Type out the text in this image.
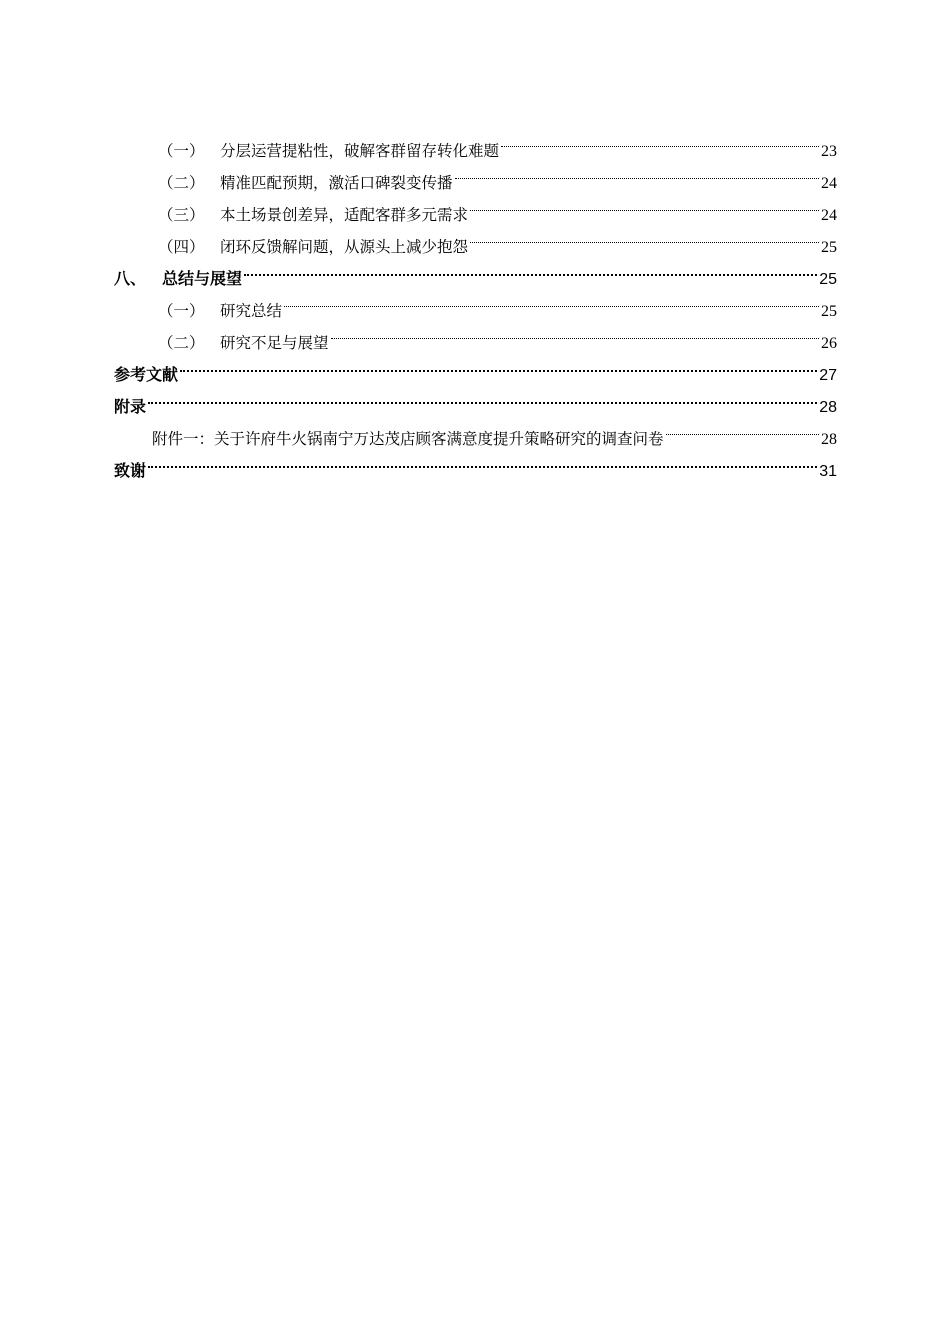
（一） 分层运营提粘性，破解客群留存转化难题	23
（二） 精准匹配预期，激活口碑裂变传播	24
（三） 本土场景创差异，适配客群多元需求	24
（四） 闭环反馈解问题，从源头上减少抱怨	25
八、 总结与展望	25
（一） 研究总结	25
（二） 研究不足与展望	26
参考文献	27
附录	28
附件一：关于许府牛火锅南宁万达茂店顾客满意度提升策略研究的调查问卷	28
致谢	31
